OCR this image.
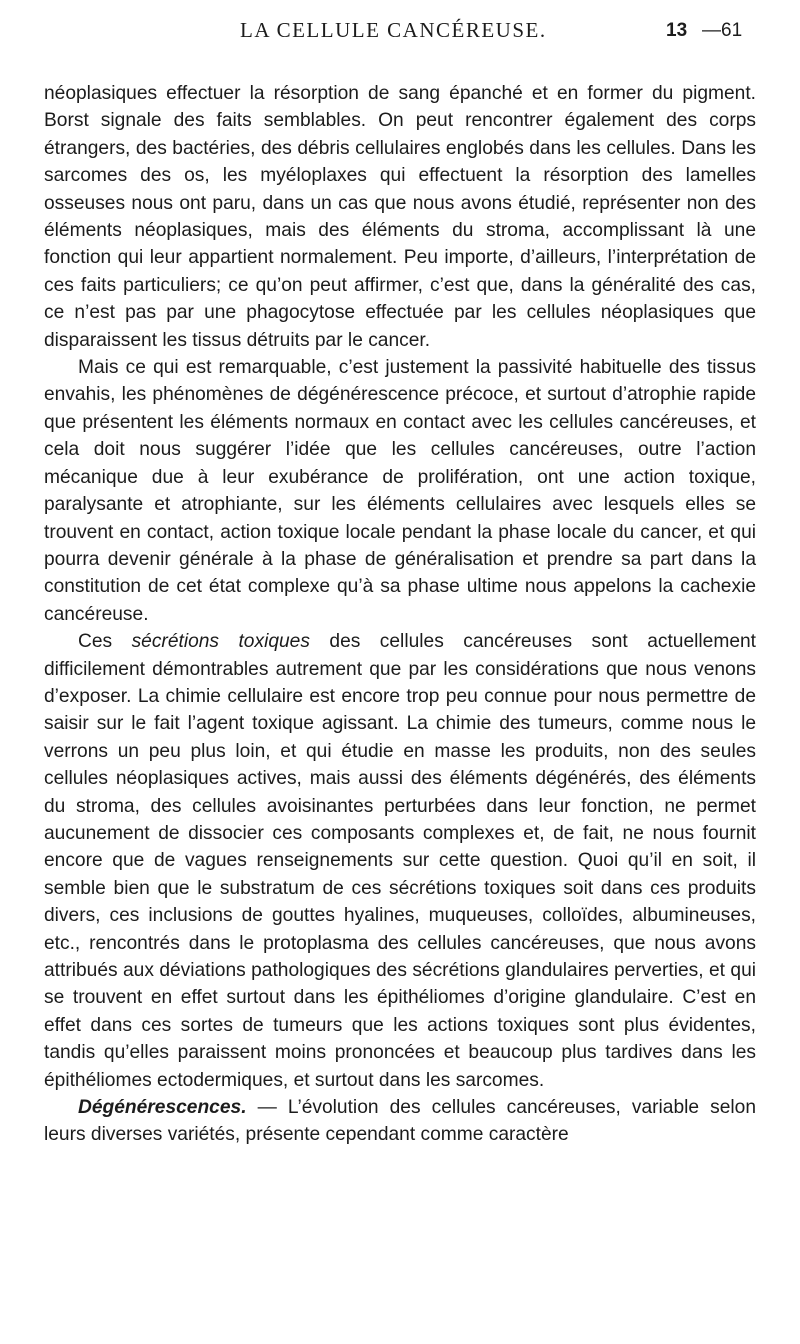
LA CELLULE CANCÉREUSE.	13 —61

néoplasiques effectuer la résorption de sang épanché et en former du pigment. Borst signale des faits semblables. On peut rencontrer également des corps étrangers, des bactéries, des débris cellulaires englobés dans les cellules. Dans les sarcomes des os, les myéloplaxes qui effectuent la résorption des lamelles osseuses nous ont paru, dans un cas que nous avons étudié, représenter non des éléments néoplasiques, mais des éléments du stroma, accomplissant là une fonction qui leur appartient normalement. Peu importe, d’ailleurs, l’interprétation de ces faits particuliers; ce qu’on peut affirmer, c’est que, dans la généralité des cas, ce n’est pas par une phagocytose effectuée par les cellules néoplasiques que disparaissent les tissus détruits par le cancer.

Mais ce qui est remarquable, c’est justement la passivité habituelle des tissus envahis, les phénomènes de dégénérescence précoce, et surtout d’atrophie rapide que présentent les éléments normaux en contact avec les cellules cancéreuses, et cela doit nous suggérer l’idée que les cellules cancéreuses, outre l’action mécanique due à leur exubérance de prolifération, ont une action toxique, paralysante et atrophiante, sur les éléments cellulaires avec lesquels elles se trouvent en contact, action toxique locale pendant la phase locale du cancer, et qui pourra devenir générale à la phase de généralisation et prendre sa part dans la constitution de cet état complexe qu’à sa phase ultime nous appelons la cachexie cancéreuse.

Ces sécrétions toxiques des cellules cancéreuses sont actuellement difficilement démontrables autrement que par les considérations que nous venons d’exposer. La chimie cellulaire est encore trop peu connue pour nous permettre de saisir sur le fait l’agent toxique agissant. La chimie des tumeurs, comme nous le verrons un peu plus loin, et qui étudie en masse les produits, non des seules cellules néoplasiques actives, mais aussi des éléments dégénérés, des éléments du stroma, des cellules avoisinantes perturbées dans leur fonction, ne permet aucunement de dissocier ces composants complexes et, de fait, ne nous fournit encore que de vagues renseignements sur cette question. Quoi qu’il en soit, il semble bien que le substratum de ces sécrétions toxiques soit dans ces produits divers, ces inclusions de gouttes hyalines, muqueuses, colloïdes, albumineuses, etc., rencontrés dans le protoplasma des cellules cancéreuses, que nous avons attribués aux déviations pathologiques des sécrétions glandulaires perverties, et qui se trouvent en effet surtout dans les épithéliomes d’origine glandulaire. C’est en effet dans ces sortes de tumeurs que les actions toxiques sont plus évidentes, tandis qu’elles paraissent moins prononcées et beaucoup plus tardives dans les épithéliomes ectodermiques, et surtout dans les sarcomes.

Dégénérescences. — L’évolution des cellules cancéreuses, variable selon leurs diverses variétés, présente cependant comme caractère
